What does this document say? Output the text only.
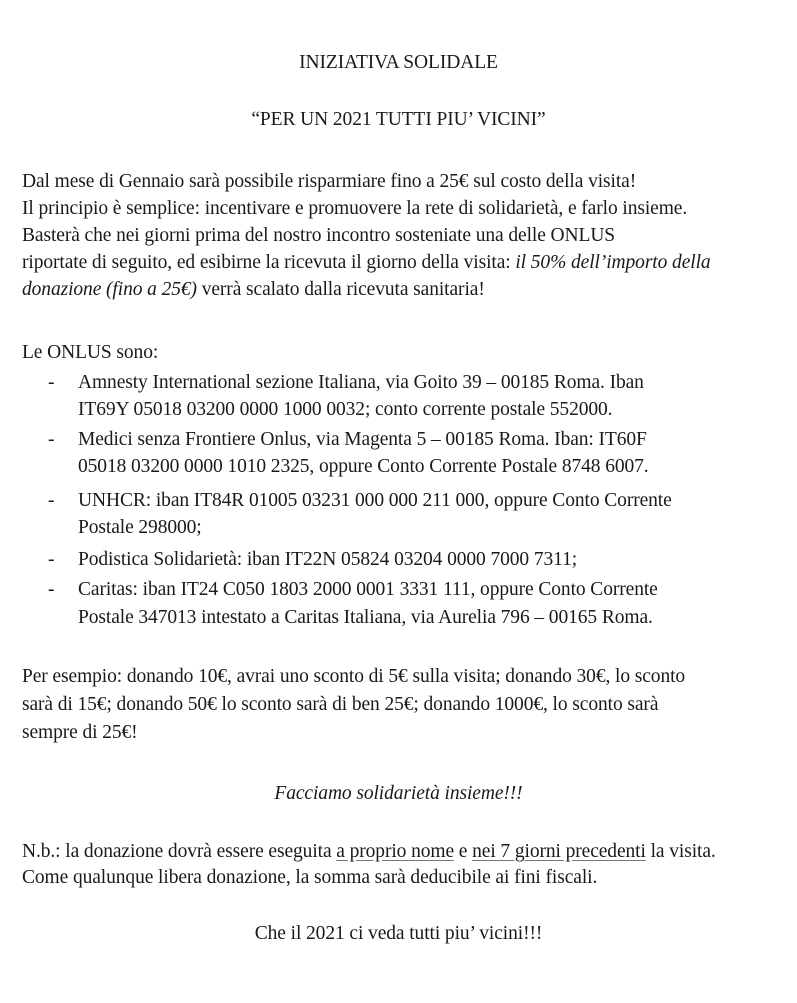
INIZIATIVA SOLIDALE
“PER UN 2021 TUTTI PIU’ VICINI”
Dal mese di Gennaio sarà possibile risparmiare fino a 25€ sul costo della visita!
Il principio è semplice: incentivare e promuovere la rete di solidarietà, e farlo insieme.
Basterà che nei giorni prima del nostro incontro sosteniate una delle ONLUS
riportate di seguito, ed esibirne la ricevuta il giorno della visita: il 50% dell’importo della
donazione (fino a 25€) verrà scalato dalla ricevuta sanitaria!
Le ONLUS sono:
- Amnesty International sezione Italiana, via Goito 39 – 00185 Roma. Iban
IT69Y 05018 03200 0000 1000 0032; conto corrente postale 552000.
- Medici senza Frontiere Onlus, via Magenta 5 – 00185 Roma. Iban: IT60F
05018 03200 0000 1010 2325, oppure Conto Corrente Postale 8748 6007.
- UNHCR: iban IT84R 01005 03231 000 000 211 000, oppure Conto Corrente
Postale 298000;
- Podistica Solidarietà: iban IT22N 05824 03204 0000 7000 7311;
- Caritas: iban IT24 C050 1803 2000 0001 3331 111, oppure Conto Corrente
Postale 347013 intestato a Caritas Italiana, via Aurelia 796 – 00165 Roma.
Per esempio: donando 10€, avrai uno sconto di 5€ sulla visita; donando 30€, lo sconto
sarà di 15€; donando 50€ lo sconto sarà di ben 25€; donando 1000€, lo sconto sarà
sempre di 25€!
Facciamo solidarietà insieme!!!
N.b.: la donazione dovrà essere eseguita a proprio nome e nei 7 giorni precedenti la visita.
Come qualunque libera donazione, la somma sarà deducibile ai fini fiscali.
Che il 2021 ci veda tutti piu’ vicini!!!
